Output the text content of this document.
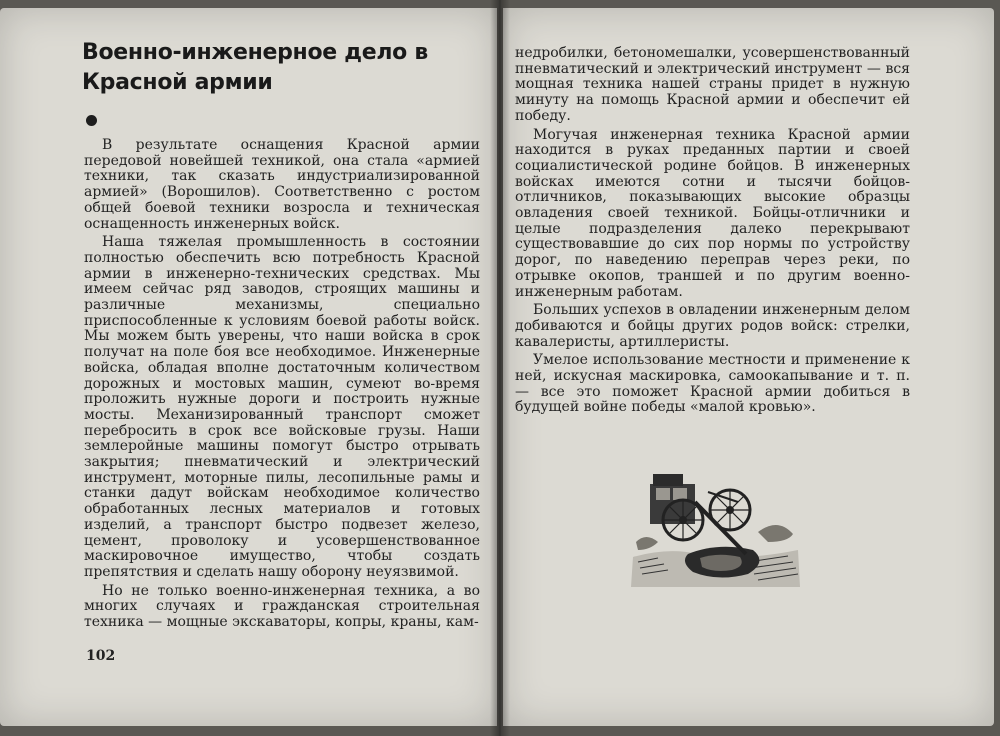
Военно-инженерное дело в Красной армии

В результате оснащения Красной армии передовой новейшей техникой, она стала «армией техники, так сказать индустриализированной армией» (Ворошилов). Соответственно с ростом общей боевой техники возросла и техническая оснащенность инженерных войск.

Наша тяжелая промышленность в состоянии полностью обеспечить всю потребность Красной армии в инженерно-технических средствах. Мы имеем сейчас ряд заводов, строящих машины и различные механизмы, специально приспособленные к условиям боевой работы войск. Мы можем быть уверены, что наши войска в срок получат на поле боя все необходимое. Инженерные войска, обладая вполне достаточным количеством дорожных и мостовых машин, сумеют во-время проложить нужные дороги и построить нужные мосты. Механизированный транспорт сможет перебросить в срок все войсковые грузы. Наши землеройные машины помогут быстро отрывать закрытия; пневматический и электрический инструмент, моторные пилы, лесопильные рамы и станки дадут войскам необходимое количество обработанных лесных материалов и готовых изделий, а транспорт быстро подвезет железо, цемент, проволоку и усовершенствованное маскировочное имущество, чтобы создать препятствия и сделать нашу оборону неуязвимой.

Но не только военно-инженерная техника, а во многих случаях и гражданская строительная техника — мощные экскаваторы, копры, краны, кам-

102

недробилки, бетономешалки, усовершенствованный пневматический и электрический инструмент — вся мощная техника нашей страны придет в нужную минуту на помощь Красной армии и обеспечит ей победу.

Могучая инженерная техника Красной армии находится в руках преданных партии и своей социалистической родине бойцов. В инженерных войсках имеются сотни и тысячи бойцов-отличников, показывающих высокие образцы овладения своей техникой. Бойцы-отличники и целые подразделения далеко перекрывают существовавшие до сих пор нормы по устройству дорог, по наведению переправ через реки, по отрывке окопов, траншей и по другим военно-инженерным работам.

Больших успехов в овладении инженерным делом добиваются и бойцы других родов войск: стрелки, кавалеристы, артиллеристы.

Умелое использование местности и применение к ней, искусная маскировка, самоокапывание и т. п. — все это поможет Красной армии добиться в будущей войне победы «малой кровью».
